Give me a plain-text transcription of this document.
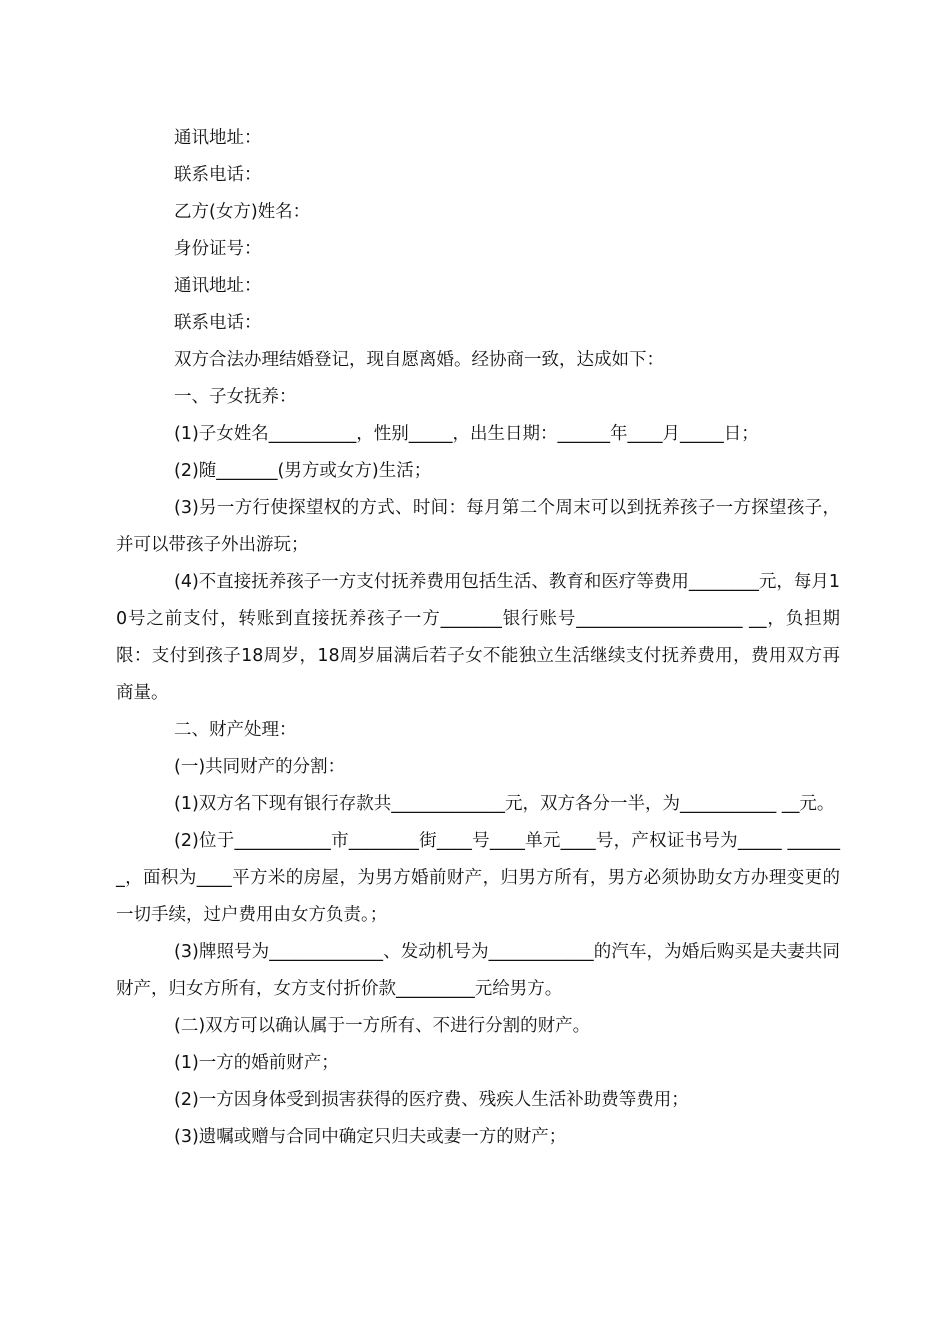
通讯地址：

联系电话：

乙方(女方)姓名：

身份证号：

通讯地址：

联系电话：

双方合法办理结婚登记，现自愿离婚。经协商一致，达成如下：

一、子女抚养：

(1)子女姓名__________，性别_____，出生日期：______年____月_____日；

(2)随_______(男方或女方)生活；

(3)另一方行使探望权的方式、时间：每月第二个周末可以到抚养孩子一方探望孩子，并可以带孩子外出游玩；

(4)不直接抚养孩子一方支付抚养费用包括生活、教育和医疗等费用________元，每月10号之前支付，转账到直接抚养孩子一方_______银行账号___________________ __，负担期限：支付到孩子18周岁，18周岁届满后若子女不能独立生活继续支付抚养费用，费用双方再商量。

二、财产处理：

(一)共同财产的分割：

(1)双方名下现有银行存款共_____________元，双方各分一半，为___________ __元。

(2)位于___________市________街____号____单元____号，产权证书号为_____ _______，面积为____平方米的房屋，为男方婚前财产，归男方所有，男方必须协助女方办理变更的一切手续，过户费用由女方负责。；

(3)牌照号为_____________、发动机号为____________的汽车，为婚后购买是夫妻共同财产，归女方所有，女方支付折价款_________元给男方。

(二)双方可以确认属于一方所有、不进行分割的财产。

(1)一方的婚前财产；

(2)一方因身体受到损害获得的医疗费、残疾人生活补助费等费用；

(3)遗嘱或赠与合同中确定只归夫或妻一方的财产；
